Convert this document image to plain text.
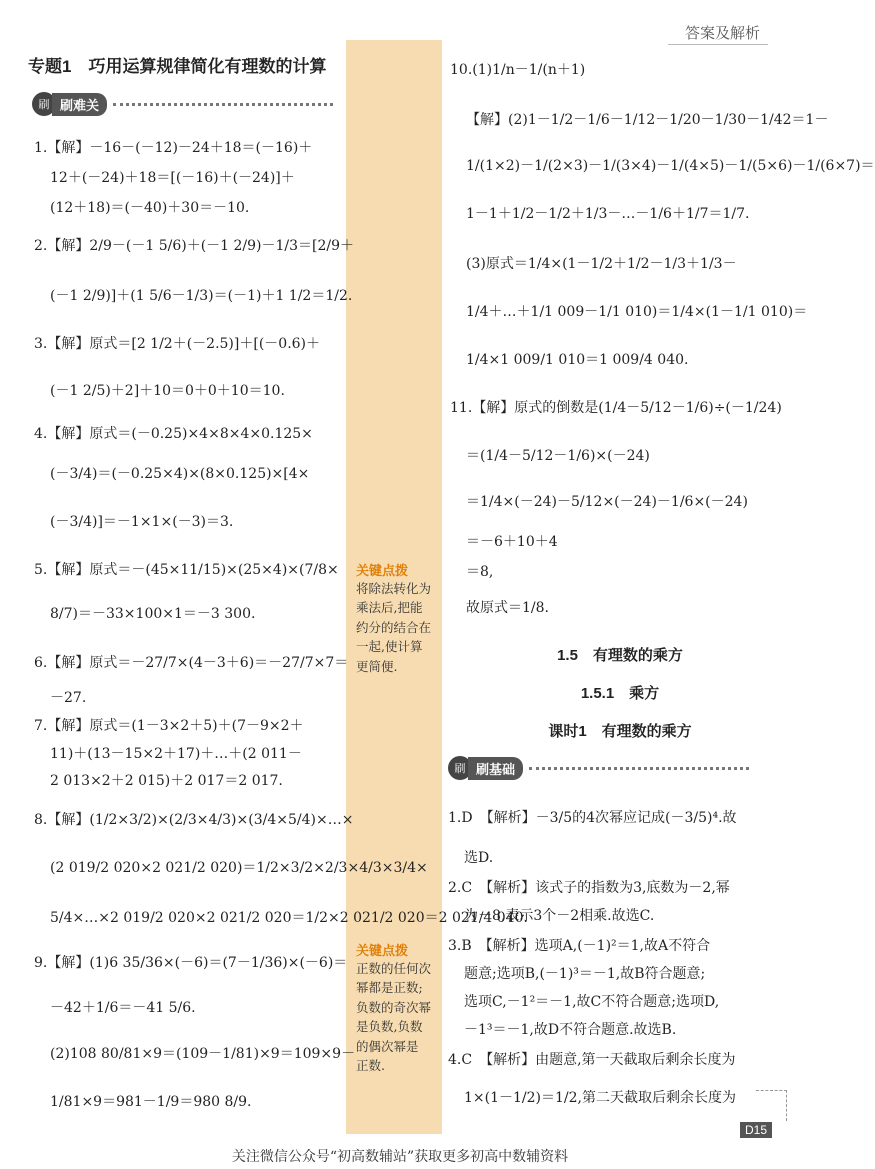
专题1　巧用运算规律简化有理数的计算
答案及解析
刷 刷难关
1.【解】－16－(－12)－24＋18＝(－16)＋
12＋(－24)＋18＝[(－16)＋(－24)]＋
(12＋18)＝(－40)＋30＝－10.
2.【解】2/9－(－1 5/6)＋(－1 2/9)－1/3＝[2/9＋
(－1 2/9)]＋(1 5/6－1/3)＝(－1)＋1 1/2＝1/2.
3.【解】原式＝[2 1/2＋(－2.5)]＋[(－0.6)＋
(－1 2/5)＋2]＋10＝0＋0＋10＝10.
4.【解】原式＝(－0.25)×4×8×4×0.125×
(－3/4)＝(－0.25×4)×(8×0.125)×[4×
(－3/4)]＝－1×1×(－3)＝3.
5.【解】原式＝－(45×11/15)×(25×4)×(7/8×
8/7)＝－33×100×1＝－3 300.
6.【解】原式＝－27/7×(4－3＋6)＝－27/7×7＝
－27.
7.【解】原式＝(1－3×2＋5)＋(7－9×2＋
11)＋(13－15×2＋17)＋…＋(2 011－
2 013×2＋2 015)＋2 017＝2 017.
8.【解】(1/2×3/2)×(2/3×4/3)×(3/4×5/4)×…×
(2 019/2 020×2 021/2 020)＝1/2×3/2×2/3×4/3×3/4×
5/4×…×2 019/2 020×2 021/2 020＝1/2×2 021/2 020＝2 021/4 040.
9.【解】(1)6 35/36×(－6)＝(7－1/36)×(－6)＝
－42＋1/6＝－41 5/6.
(2)108 80/81×9＝(109－1/81)×9＝109×9－
1/81×9＝981－1/9＝980 8/9.
关键点拨
将除法转化为
乘法后,把能
约分的结合在
一起,使计算
更简便.
关键点拨
正数的任何次
幂都是正数;
负数的奇次幂
是负数,负数
的偶次幂是
正数.
10.(1)1/n－1/(n＋1)
【解】(2)1－1/2－1/6－1/12－1/20－1/30－1/42＝1－
1/(1×2)－1/(2×3)－1/(3×4)－1/(4×5)－1/(5×6)－1/(6×7)＝
1－1＋1/2－1/2＋1/3－…－1/6＋1/7＝1/7.
(3)原式＝1/4×(1－1/2＋1/2－1/3＋1/3－
1/4＋…＋1/1 009－1/1 010)＝1/4×(1－1/1 010)＝
1/4×1 009/1 010＝1 009/4 040.
11.【解】原式的倒数是(1/4－5/12－1/6)÷(－1/24)
＝(1/4－5/12－1/6)×(－24)
＝1/4×(－24)－5/12×(－24)－1/6×(－24)
＝－6＋10＋4
＝8,
故原式＝1/8.
1.5　有理数的乘方
1.5.1　乘方
课时1　有理数的乘方
刷 刷基础
1.D　【解析】－3/5的4次幂应记成(－3/5)⁴.故
选D.
2.C　【解析】该式子的指数为3,底数为－2,幂
为－8,表示3个－2相乘.故选C.
3.B　【解析】选项A,(－1)²＝1,故A不符合
题意;选项B,(－1)³＝－1,故B符合题意;
选项C,－1²＝－1,故C不符合题意;选项D,
－1³＝－1,故D不符合题意.故选B.
4.C　【解析】由题意,第一天截取后剩余长度为
1×(1－1/2)＝1/2,第二天截取后剩余长度为
D15
关注微信公众号“初高数辅站”获取更多初高中数辅资料
